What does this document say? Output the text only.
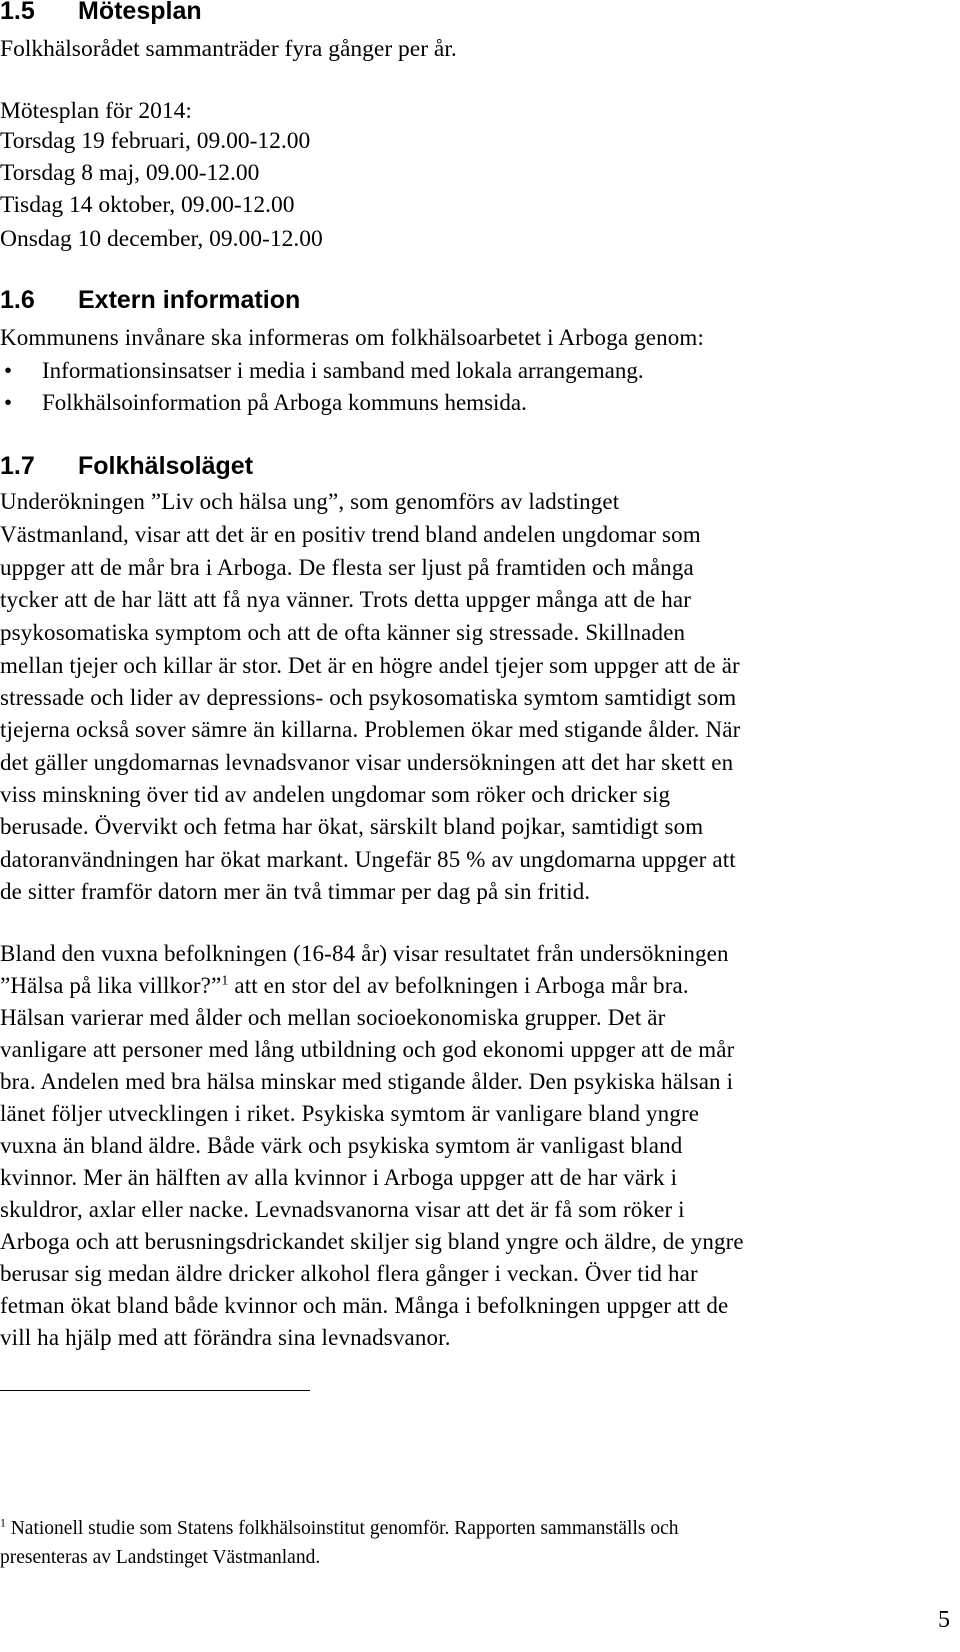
1.5 Mötesplan
Folkhälsorådet sammanträder fyra gånger per år.
Mötesplan för 2014:
Torsdag 19 februari, 09.00-12.00
Torsdag 8 maj, 09.00-12.00
Tisdag 14 oktober, 09.00-12.00
Onsdag 10 december, 09.00-12.00
1.6 Extern information
Kommunens invånare ska informeras om folkhälsoarbetet i Arboga genom:
• Informationsinsatser i media i samband med lokala arrangemang.
• Folkhälsoinformation på Arboga kommuns hemsida.
1.7 Folkhälsoläget
Underökningen ”Liv och hälsa ung”, som genomförs av ladstinget
Västmanland, visar att det är en positiv trend bland andelen ungdomar som
uppger att de mår bra i Arboga. De flesta ser ljust på framtiden och många
tycker att de har lätt att få nya vänner. Trots detta uppger många att de har
psykosomatiska symptom och att de ofta känner sig stressade. Skillnaden
mellan tjejer och killar är stor. Det är en högre andel tjejer som uppger att de är
stressade och lider av depressions- och psykosomatiska symtom samtidigt som
tjejerna också sover sämre än killarna. Problemen ökar med stigande ålder. När
det gäller ungdomarnas levnadsvanor visar undersökningen att det har skett en
viss minskning över tid av andelen ungdomar som röker och dricker sig
berusade. Övervikt och fetma har ökat, särskilt bland pojkar, samtidigt som
datoranvändningen har ökat markant. Ungefär 85 % av ungdomarna uppger att
de sitter framför datorn mer än två timmar per dag på sin fritid.
Bland den vuxna befolkningen (16-84 år) visar resultatet från undersökningen
”Hälsa på lika villkor?”$^1$ att en stor del av befolkningen i Arboga mår bra.
Hälsan varierar med ålder och mellan socioekonomiska grupper. Det är
vanligare att personer med lång utbildning och god ekonomi uppger att de mår
bra. Andelen med bra hälsa minskar med stigande ålder. Den psykiska hälsan i
länet följer utvecklingen i riket. Psykiska symtom är vanligare bland yngre
vuxna än bland äldre. Både värk och psykiska symtom är vanligast bland
kvinnor. Mer än hälften av alla kvinnor i Arboga uppger att de har värk i
skuldror, axlar eller nacke. Levnadsvanorna visar att det är få som röker i
Arboga och att berusningsdrickandet skiljer sig bland yngre och äldre, de yngre
berusar sig medan äldre dricker alkohol flera gånger i veckan. Över tid har
fetman ökat bland både kvinnor och män. Många i befolkningen uppger att de
vill ha hjälp med att förändra sina levnadsvanor.
$^1$ Nationell studie som Statens folkhälsoinstitut genomför. Rapporten sammanställs och
presenteras av Landstinget Västmanland.
5
